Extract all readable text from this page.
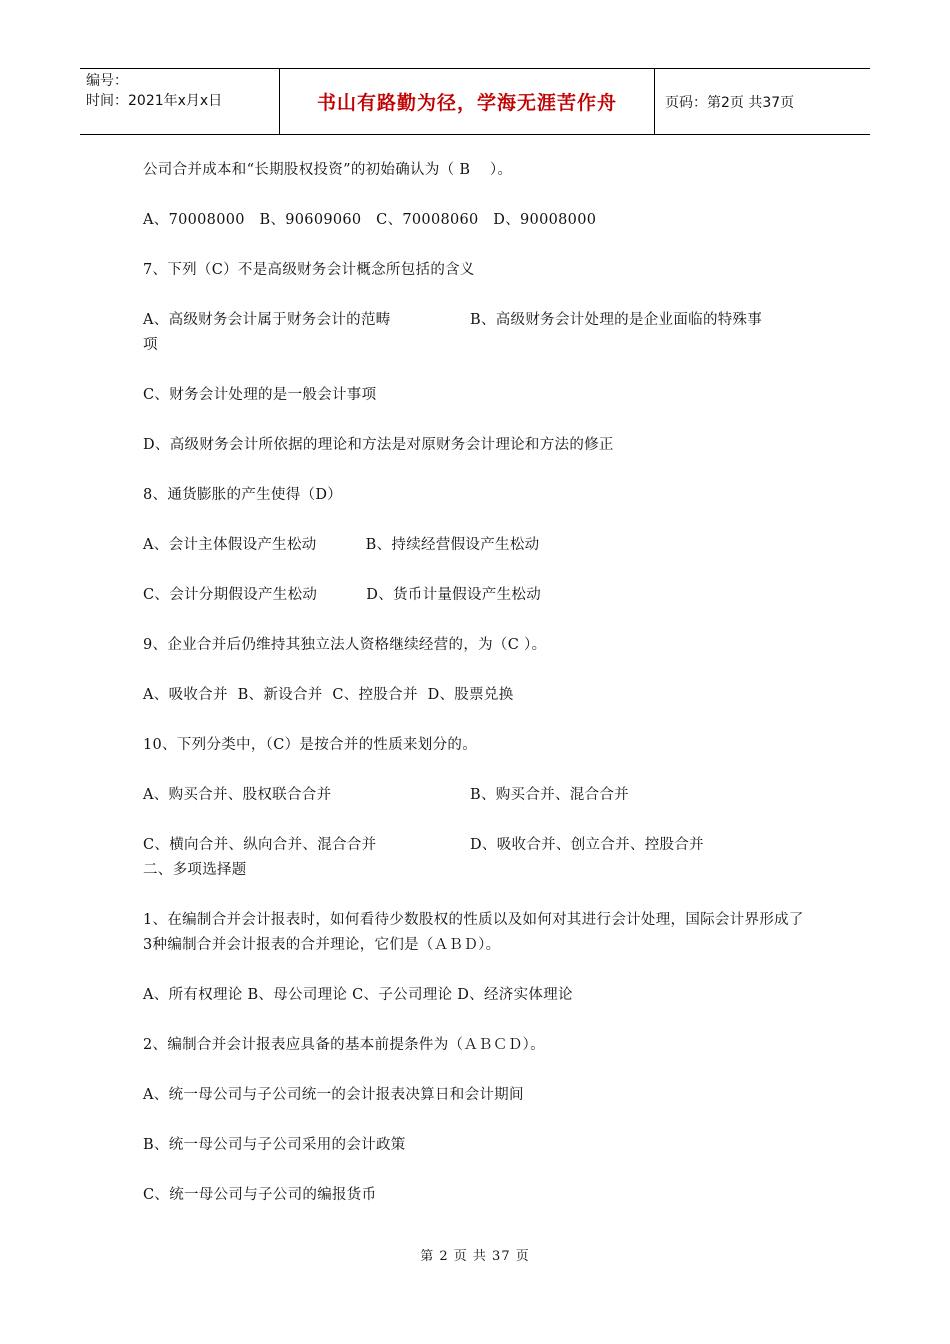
编号：
时间：2021年x月x日	书山有路勤为径，学海无涯苦作舟	页码：第2页 共37页

公司合并成本和“长期股权投资”的初始确认为（ B    ）。

A、70008000   B、90609060   C、70008060   D、90008000

7、下列（C）不是高级财务会计概念所包括的含义

A、高级财务会计属于财务会计的范畴	B、高级财务会计处理的是企业面临的特殊事

项

C、财务会计处理的是一般会计事项

D、高级财务会计所依据的理论和方法是对原财务会计理论和方法的修正

8、通货膨胀的产生使得（D）

A、会计主体假设产生松动          B、持续经营假设产生松动

C、会计分期假设产生松动          D、货币计量假设产生松动

9、企业合并后仍维持其独立法人资格继续经营的，为（C ）。

A、吸收合并  B、新设合并  C、控股合并  D、股票兑换

10、下列分类中，（C）是按合并的性质来划分的。

A、购买合并、股权联合合并	B、购买合并、混合合并
C、横向合并、纵向合并、混合合并	D、吸收合并、创立合并、控股合并

二、多项选择题

1、在编制合并会计报表时，如何看待少数股权的性质以及如何对其进行会计处理，国际会计界形成了3种编制合并会计报表的合并理论，它们是（ＡＢＤ）。

A、所有权理论 B、母公司理论 C、子公司理论 D、经济实体理论

2、编制合并会计报表应具备的基本前提条件为（ＡＢＣＤ）。

A、统一母公司与子公司统一的会计报表决算日和会计期间

B、统一母公司与子公司采用的会计政策

C、统一母公司与子公司的编报货币

第 2 页 共 37 页
